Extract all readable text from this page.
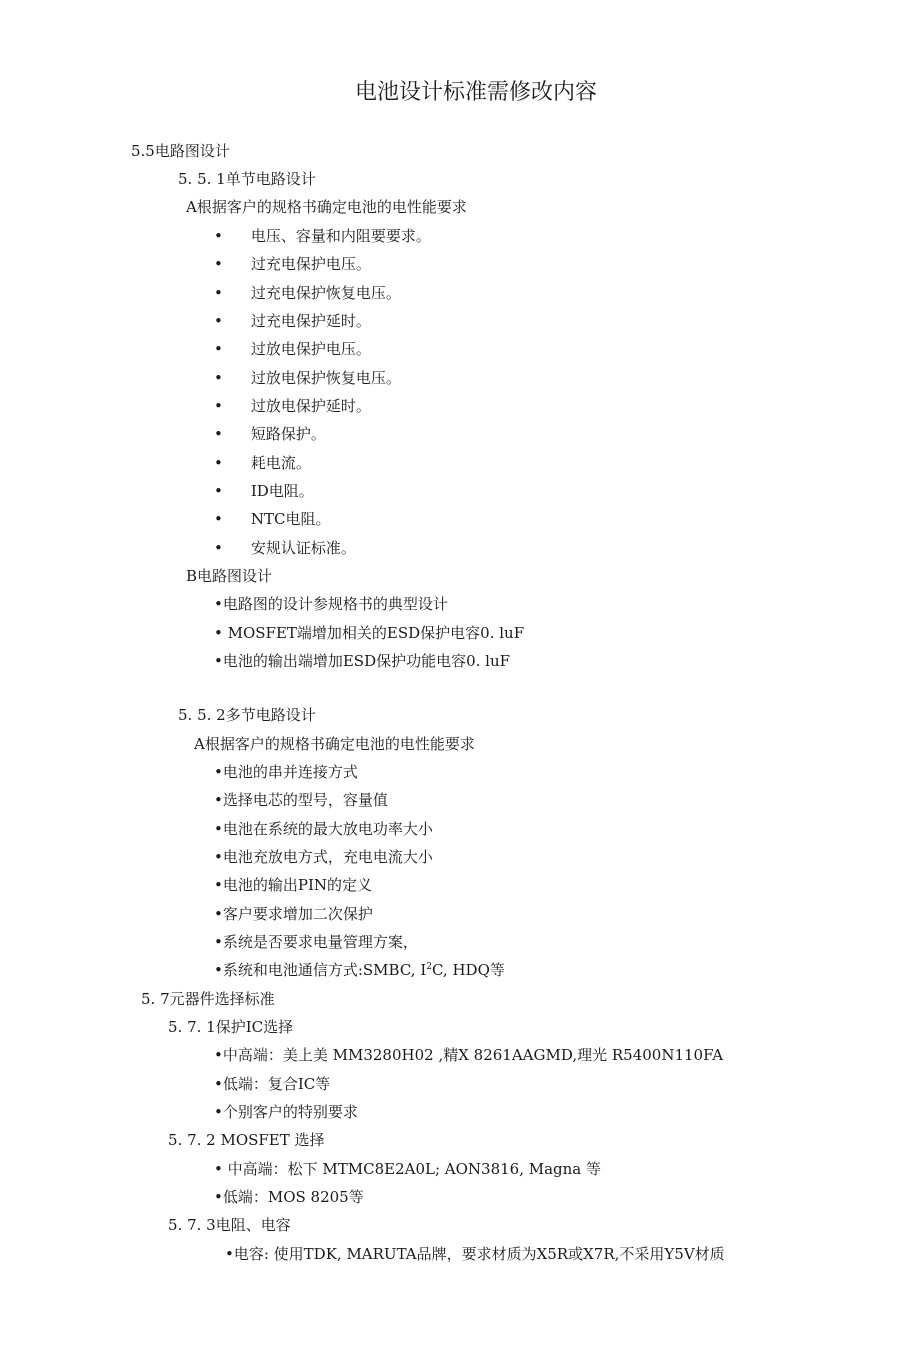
电池设计标准需修改内容
5.5电路图设计
5. 5. 1单节电路设计
A根据客户的规格书确定电池的电性能要求
• 电压、容量和内阻要要求。
• 过充电保护电压。
• 过充电保护恢复电压。
• 过充电保护延时。
• 过放电保护电压。
• 过放电保护恢复电压。
• 过放电保护延时。
• 短路保护。
• 耗电流。
• ID电阻。
• NTC电阻。
• 安规认证标准。
B电路图设计
•电路图的设计参规格书的典型设计
• MOSFET端增加相关的ESD保护电容0. luF
•电池的输出端增加ESD保护功能电容0. luF
5. 5. 2多节电路设计
A根据客户的规格书确定电池的电性能要求
•电池的串并连接方式
•选择电芯的型号，容量值
•电池在系统的最大放电功率大小
•电池充放电方式，充电电流大小
•电池的输出PIN的定义
•客户要求增加二次保护
•系统是否要求电量管理方案，
•系统和电池通信方式:SMBC, $I^2C$, HDQ等
5. 7元器件选择标准
5. 7. 1保护IC选择
•中高端：美上美 MM3280H02 ,精X 8261AAGMD,理光 R5400N110FA
•低端：复合IC等
•个别客户的特别要求
5. 7. 2 MOSFET 选择
• 中高端：松下 MTMC8E2A0L; AON3816, Magna 等
•低端：MOS 8205等
5. 7. 3电阻、电容
•电容: 使用TDK, MARUTA品牌，要求材质为X5R或X7R,不采用Y5V材质
